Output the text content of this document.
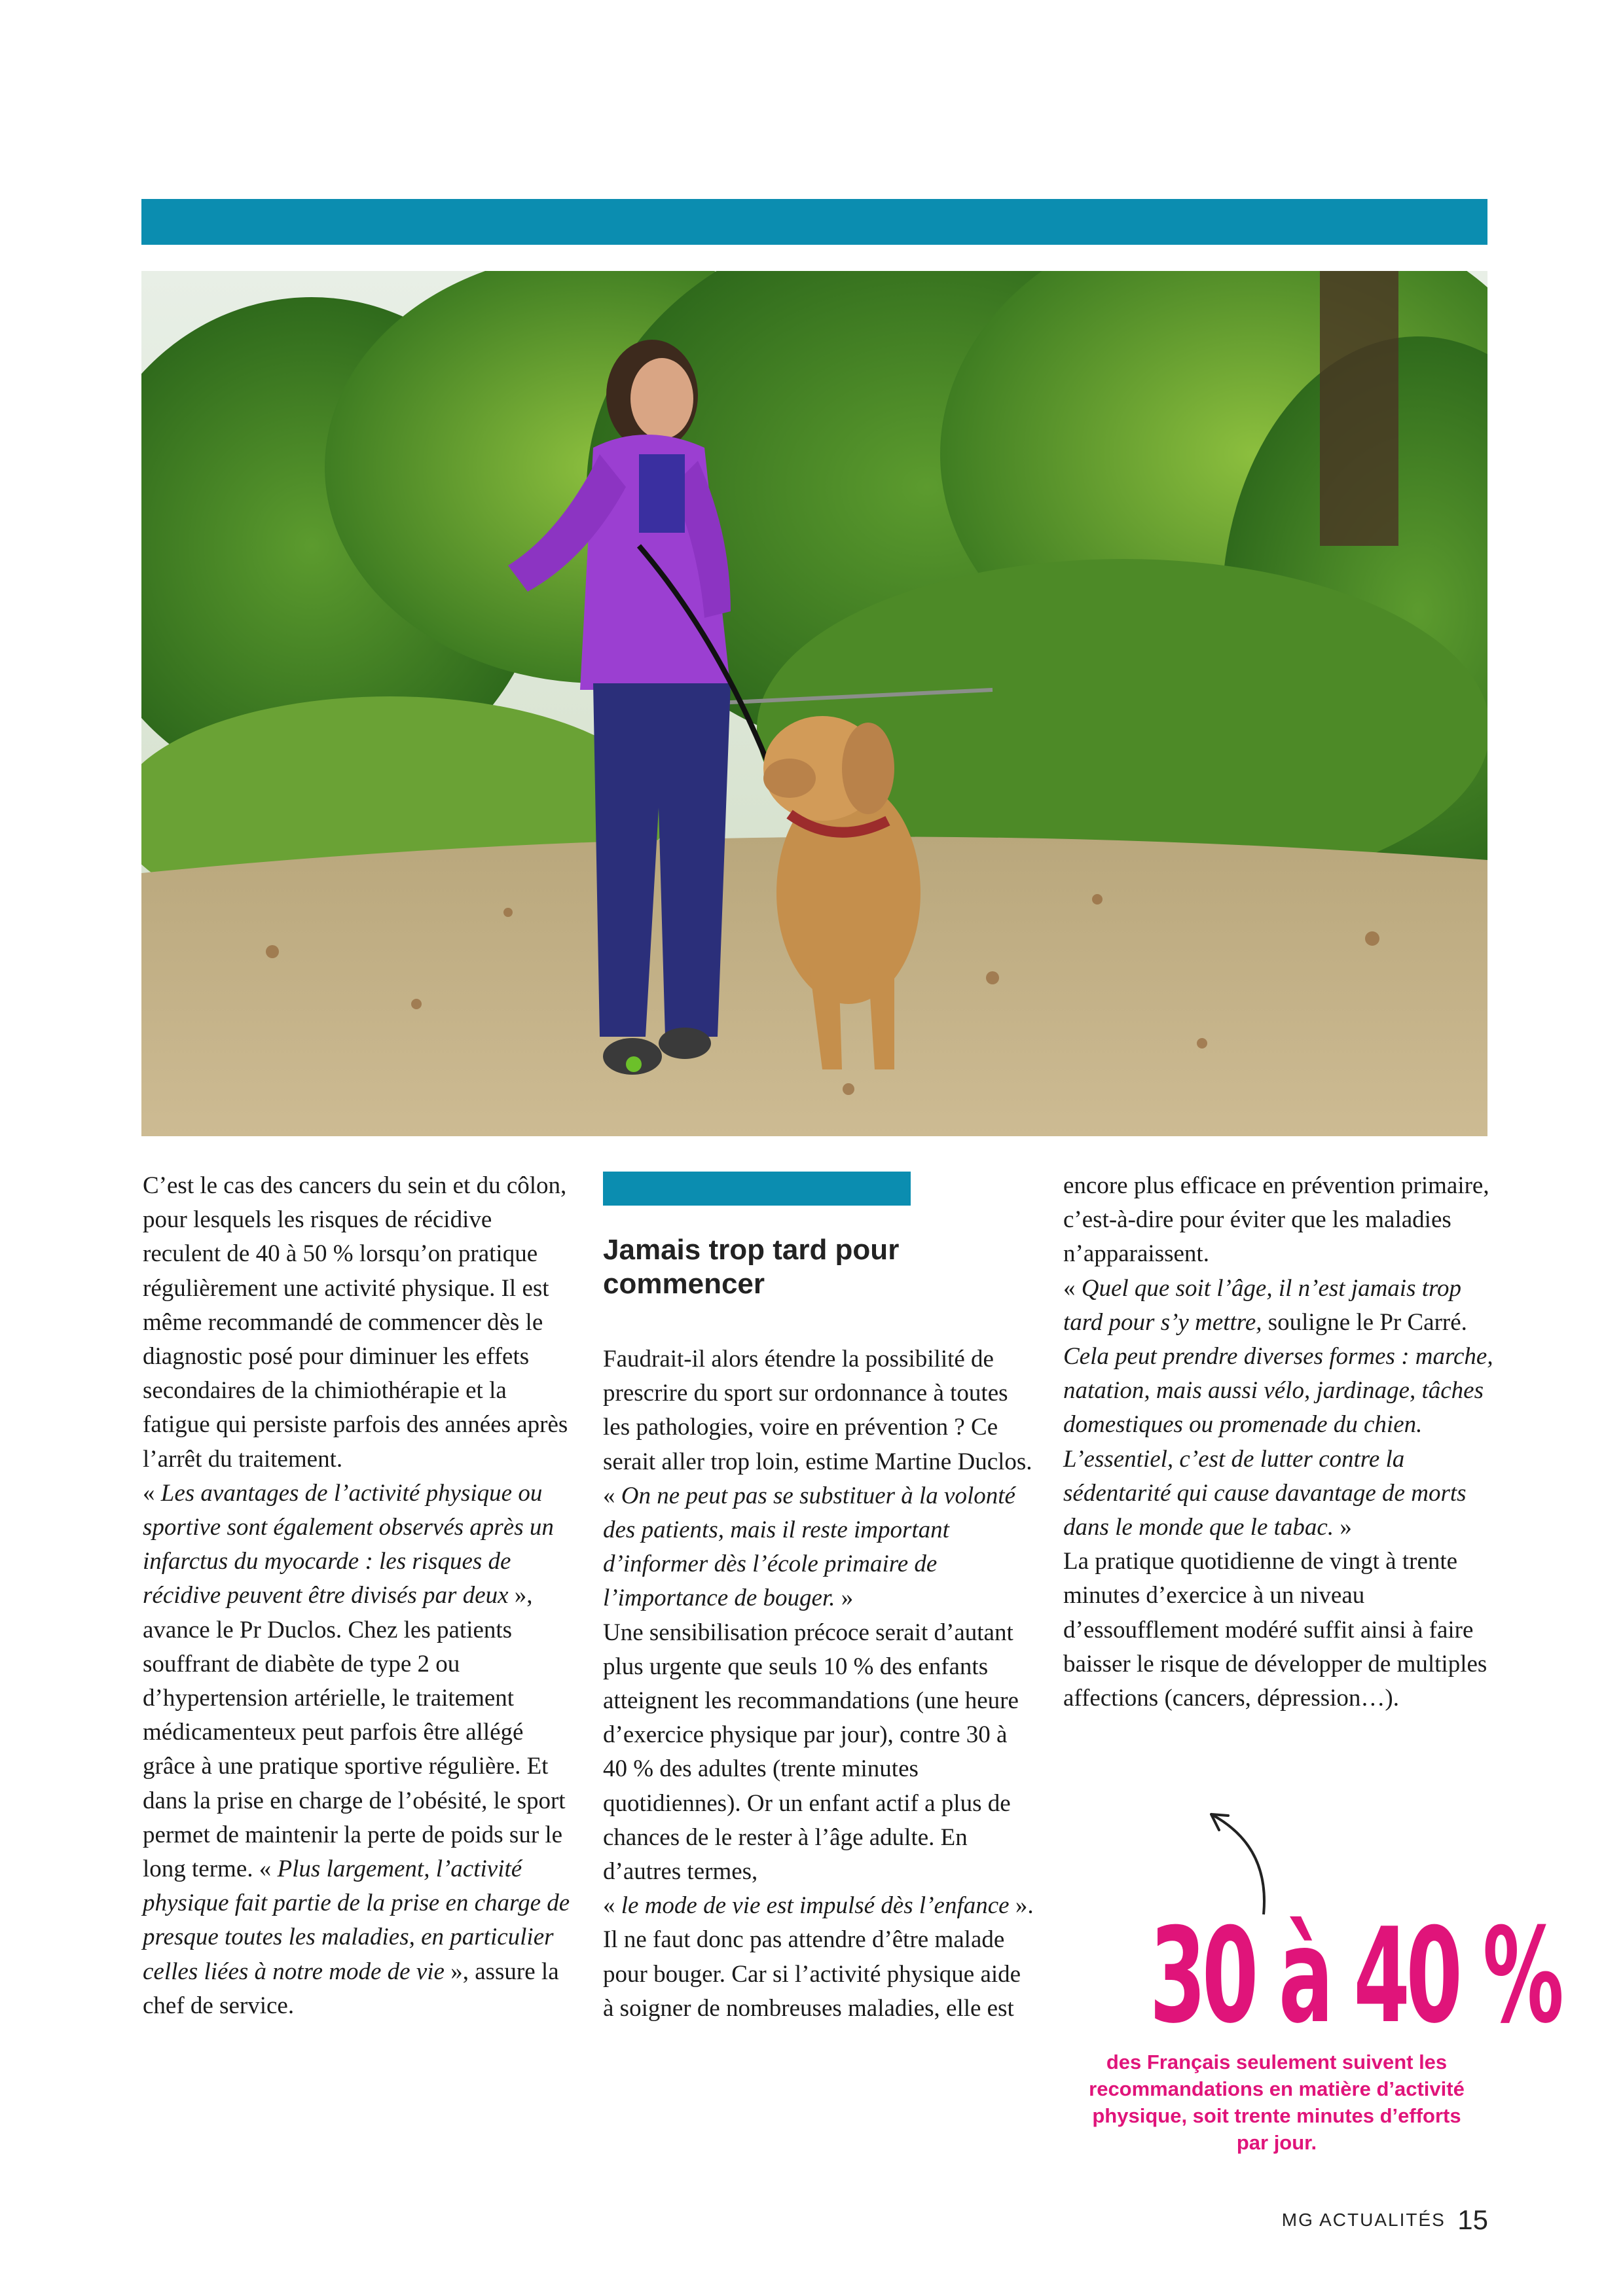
C’est le cas des cancers du sein et du côlon, pour lesquels les risques de récidive reculent de 40 à 50 % lorsqu’on pratique régulièrement une activité physique. Il est même recommandé de commencer dès le diagnostic posé pour diminuer les effets secondaires de la chimiothérapie et la fatigue qui persiste parfois des années après l’arrêt du traitement.

« Les avantages de l’activité physique ou sportive sont également observés après un infarctus du myocarde : les risques de récidive peuvent être divisés par deux », avance le Pr Duclos. Chez les patients souffrant de diabète de type 2 ou d’hypertension artérielle, le traitement médicamenteux peut parfois être allégé grâce à une pratique sportive régulière. Et dans la prise en charge de l’obésité, le sport permet de maintenir la perte de poids sur le long terme. « Plus largement, l’activité physique fait partie de la prise en charge de presque toutes les maladies, en particulier celles liées à notre mode de vie », assure la chef de service.

Jamais trop tard pour commencer

Faudrait-il alors étendre la possibilité de prescrire du sport sur ordonnance à toutes les pathologies, voire en prévention ? Ce serait aller trop loin, estime Martine Duclos.

« On ne peut pas se substituer à la volonté des patients, mais il reste important d’informer dès l’école primaire de l’importance de bouger. »

Une sensibilisation précoce serait d’autant plus urgente que seuls 10 % des enfants atteignent les recommandations (une heure d’exercice physique par jour), contre 30 à 40 % des adultes (trente minutes quotidiennes). Or un enfant actif a plus de chances de le rester à l’âge adulte. En d’autres termes,

« le mode de vie est impulsé dès l’enfance ».

Il ne faut donc pas attendre d’être malade pour bouger. Car si l’activité physique aide à soigner de nombreuses maladies, elle est

encore plus efficace en prévention primaire, c’est-à-dire pour éviter que les maladies n’apparaissent.

« Quel que soit l’âge, il n’est jamais trop tard pour s’y mettre, souligne le Pr Carré. Cela peut prendre diverses formes : marche, natation, mais aussi vélo, jardinage, tâches domestiques ou promenade du chien. L’essentiel, c’est de lutter contre la sédentarité qui cause davantage de morts dans le monde que le tabac. »

La pratique quotidienne de vingt à trente minutes d’exercice à un niveau d’essoufflement modéré suffit ainsi à faire baisser le risque de développer de multiples affections (cancers, dépression…).

30 à 40 %
des Français seulement suivent les recommandations en matière d’activité physique, soit trente minutes d’efforts par jour.
MG ACTUALITÉS 15
